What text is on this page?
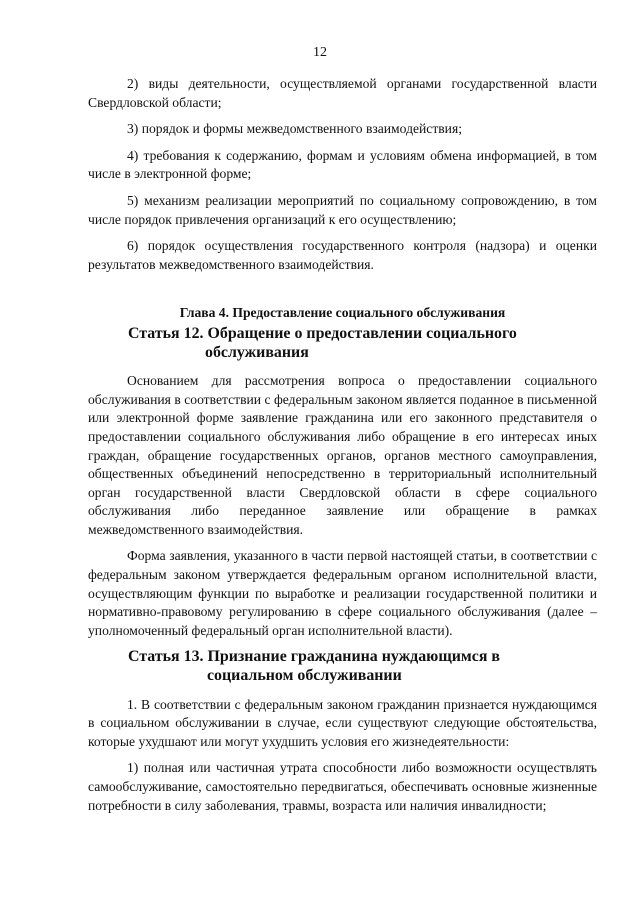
12

2) виды деятельности, осуществляемой органами государственной власти Свердловской области;

3) порядок и формы межведомственного взаимодействия;

4) требования к содержанию, формам и условиям обмена информацией, в том числе в электронной форме;

5) механизм реализации мероприятий по социальному сопровождению, в том числе порядок привлечения организаций к его осуществлению;

6) порядок осуществления государственного контроля (надзора) и оценки результатов межведомственного взаимодействия.

Глава 4. Предоставление социального обслуживания
Статья 12. Обращение о предоставлении социального
обслуживания

Основанием для рассмотрения вопроса о предоставлении социального обслуживания в соответствии с федеральным законом является поданное в письменной или электронной форме заявление гражданина или его законного представителя о предоставлении социального обслуживания либо обращение в его интересах иных граждан, обращение государственных органов, органов местного самоуправления, общественных объединений непосредственно в территориальный исполнительный орган государственной власти Свердловской области в сфере социального обслуживания либо переданное заявление или обращение в рамках межведомственного взаимодействия.

Форма заявления, указанного в части первой настоящей статьи, в соответствии с федеральным законом утверждается федеральным органом исполнительной власти, осуществляющим функции по выработке и реализации государственной политики и нормативно-правовому регулированию в сфере социального обслуживания (далее – уполномоченный федеральный орган исполнительной власти).

Статья 13. Признание гражданина нуждающимся в
социальном обслуживании

1. В соответствии с федеральным законом гражданин признается нуждающимся в социальном обслуживании в случае, если существуют следующие обстоятельства, которые ухудшают или могут ухудшить условия его жизнедеятельности:

1) полная или частичная утрата способности либо возможности осуществлять самообслуживание, самостоятельно передвигаться, обеспечивать основные жизненные потребности в силу заболевания, травмы, возраста или наличия инвалидности;
